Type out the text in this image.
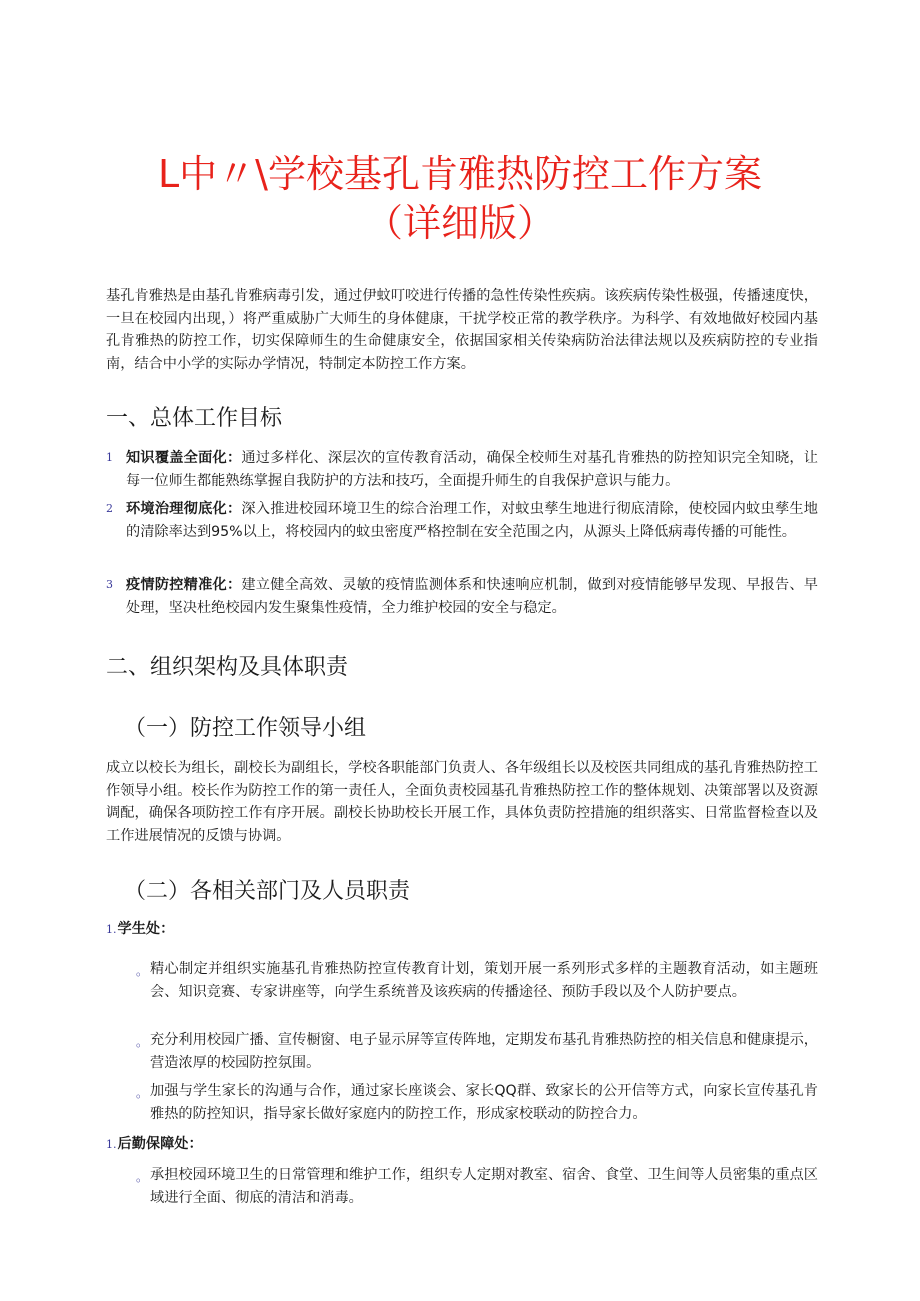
L中〃\学校基孔肯雅热防控工作方案
（详细版）
基孔肯雅热是由基孔肯雅病毒引发，通过伊蚊叮咬进行传播的急性传染性疾病。该疾病传染性极强，传播速度快，一旦在校园内出现，）将严重威胁广大师生的身体健康，干扰学校正常的教学秩序。为科学、有效地做好校园内基孔肯雅热的防控工作，切实保障师生的生命健康安全，依据国家相关传染病防治法律法规以及疾病防控的专业指南，结合中小学的实际办学情况，特制定本防控工作方案。
一、总体工作目标
1 知识覆盖全面化：通过多样化、深层次的宣传教育活动，确保全校师生对基孔肯雅热的防控知识完全知晓，让每一位师生都能熟练掌握自我防护的方法和技巧，全面提升师生的自我保护意识与能力。
2 环境治理彻底化：深入推进校园环境卫生的综合治理工作，对蚊虫孳生地进行彻底清除，使校园内蚊虫孳生地的清除率达到95%以上，将校园内的蚊虫密度严格控制在安全范围之内，从源头上降低病毒传播的可能性。
3 疫情防控精准化：建立健全高效、灵敏的疫情监测体系和快速响应机制，做到对疫情能够早发现、早报告、早处理，坚决杜绝校园内发生聚集性疫情，全力维护校园的安全与稳定。
二、组织架构及具体职责
（一）防控工作领导小组
成立以校长为组长，副校长为副组长，学校各职能部门负责人、各年级组长以及校医共同组成的基孔肯雅热防控工作领导小组。校长作为防控工作的第一责任人，全面负责校园基孔肯雅热防控工作的整体规划、决策部署以及资源调配，确保各项防控工作有序开展。副校长协助校长开展工作，具体负责防控措施的组织落实、日常监督检查以及工作进展情况的反馈与协调。
（二）各相关部门及人员职责
1.学生处：
。 精心制定并组织实施基孔肯雅热防控宣传教育计划，策划开展一系列形式多样的主题教育活动，如主题班会、知识竞赛、专家讲座等，向学生系统普及该疾病的传播途径、预防手段以及个人防护要点。
。 充分利用校园广播、宣传橱窗、电子显示屏等宣传阵地，定期发布基孔肯雅热防控的相关信息和健康提示，营造浓厚的校园防控氛围。
。 加强与学生家长的沟通与合作，通过家长座谈会、家长QQ群、致家长的公开信等方式，向家长宣传基孔肯雅热的防控知识，指导家长做好家庭内的防控工作，形成家校联动的防控合力。
1.后勤保障处：
。 承担校园环境卫生的日常管理和维护工作，组织专人定期对教室、宿舍、食堂、卫生间等人员密集的重点区域进行全面、彻底的清洁和消毒。
